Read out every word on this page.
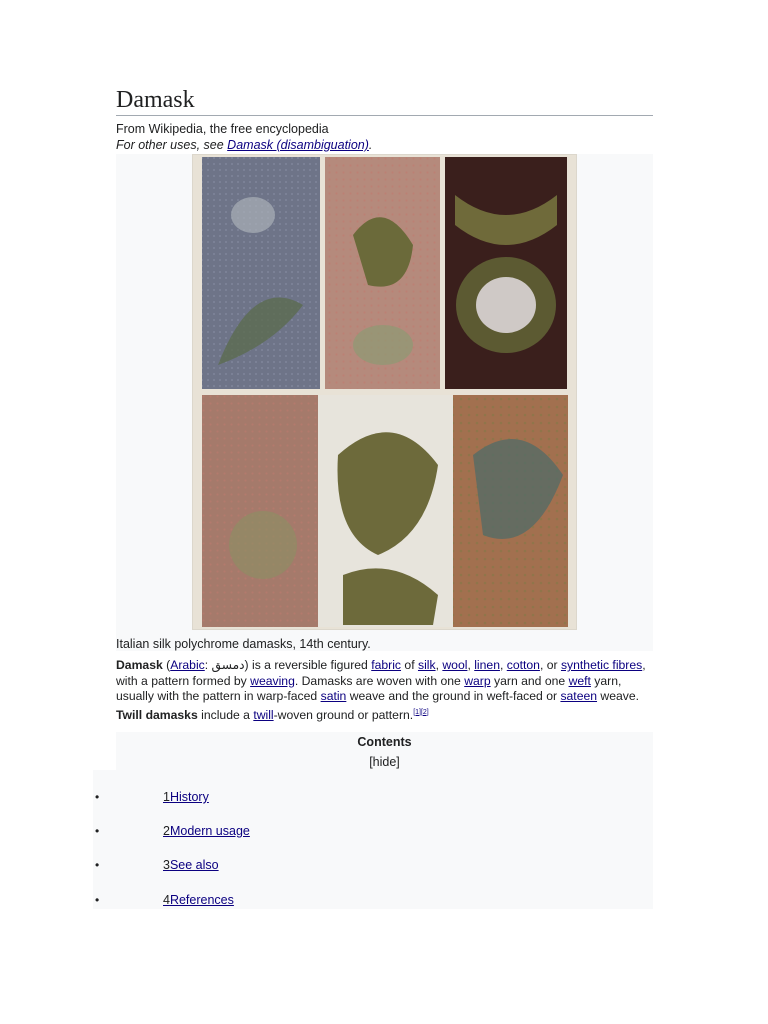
Damask
From Wikipedia, the free encyclopedia
For other uses, see Damask (disambiguation).
Italian silk polychrome damasks, 14th century.

Damask (Arabic: دمسق) is a reversible figured fabric of silk, wool, linen, cotton, or synthetic fibres, with a pattern formed by weaving. Damasks are woven with one warp yarn and one weft yarn, usually with the pattern in warp-faced satin weave and the ground in weft-faced or sateen weave. Twill damasks include a twill-woven ground or pattern.[1][2]

Contents
[hide]
•	1History
•	2Modern usage
•	3See also
•	4References
